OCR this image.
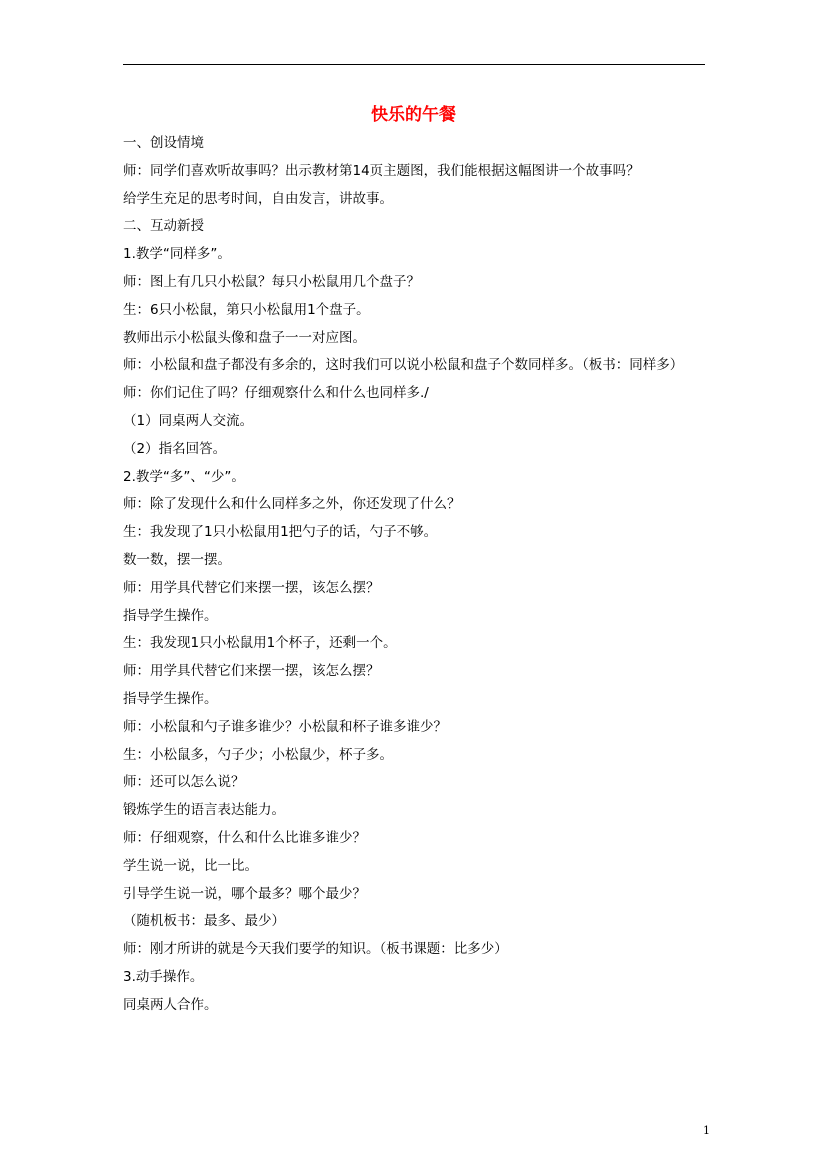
快乐的午餐

一、创设情境

师：同学们喜欢听故事吗？出示教材第14页主题图，我们能根据这幅图讲一个故事吗？

给学生充足的思考时间，自由发言，讲故事。

二、互动新授

1.教学“同样多”。

师：图上有几只小松鼠？每只小松鼠用几个盘子？

生：6只小松鼠，第只小松鼠用1个盘子。

教师出示小松鼠头像和盘子一一对应图。

师：小松鼠和盘子都没有多余的，这时我们可以说小松鼠和盘子个数同样多。（板书：同样多）

师：你们记住了吗？仔细观察什么和什么也同样多./

（1）同桌两人交流。

（2）指名回答。

2.教学“多”、“少”。

师：除了发现什么和什么同样多之外，你还发现了什么？

生：我发现了1只小松鼠用1把勺子的话，勺子不够。

数一数，摆一摆。

师：用学具代替它们来摆一摆，该怎么摆？

指导学生操作。

生：我发现1只小松鼠用1个杯子，还剩一个。

师：用学具代替它们来摆一摆，该怎么摆？

指导学生操作。

师：小松鼠和勺子谁多谁少？小松鼠和杯子谁多谁少？

生：小松鼠多，勺子少；小松鼠少，杯子多。

师：还可以怎么说？

锻炼学生的语言表达能力。

师：仔细观察，什么和什么比谁多谁少？

学生说一说，比一比。

引导学生说一说，哪个最多？哪个最少？

（随机板书：最多、最少）

师：刚才所讲的就是今天我们要学的知识。（板书课题：比多少）

3.动手操作。

同桌两人合作。

1
